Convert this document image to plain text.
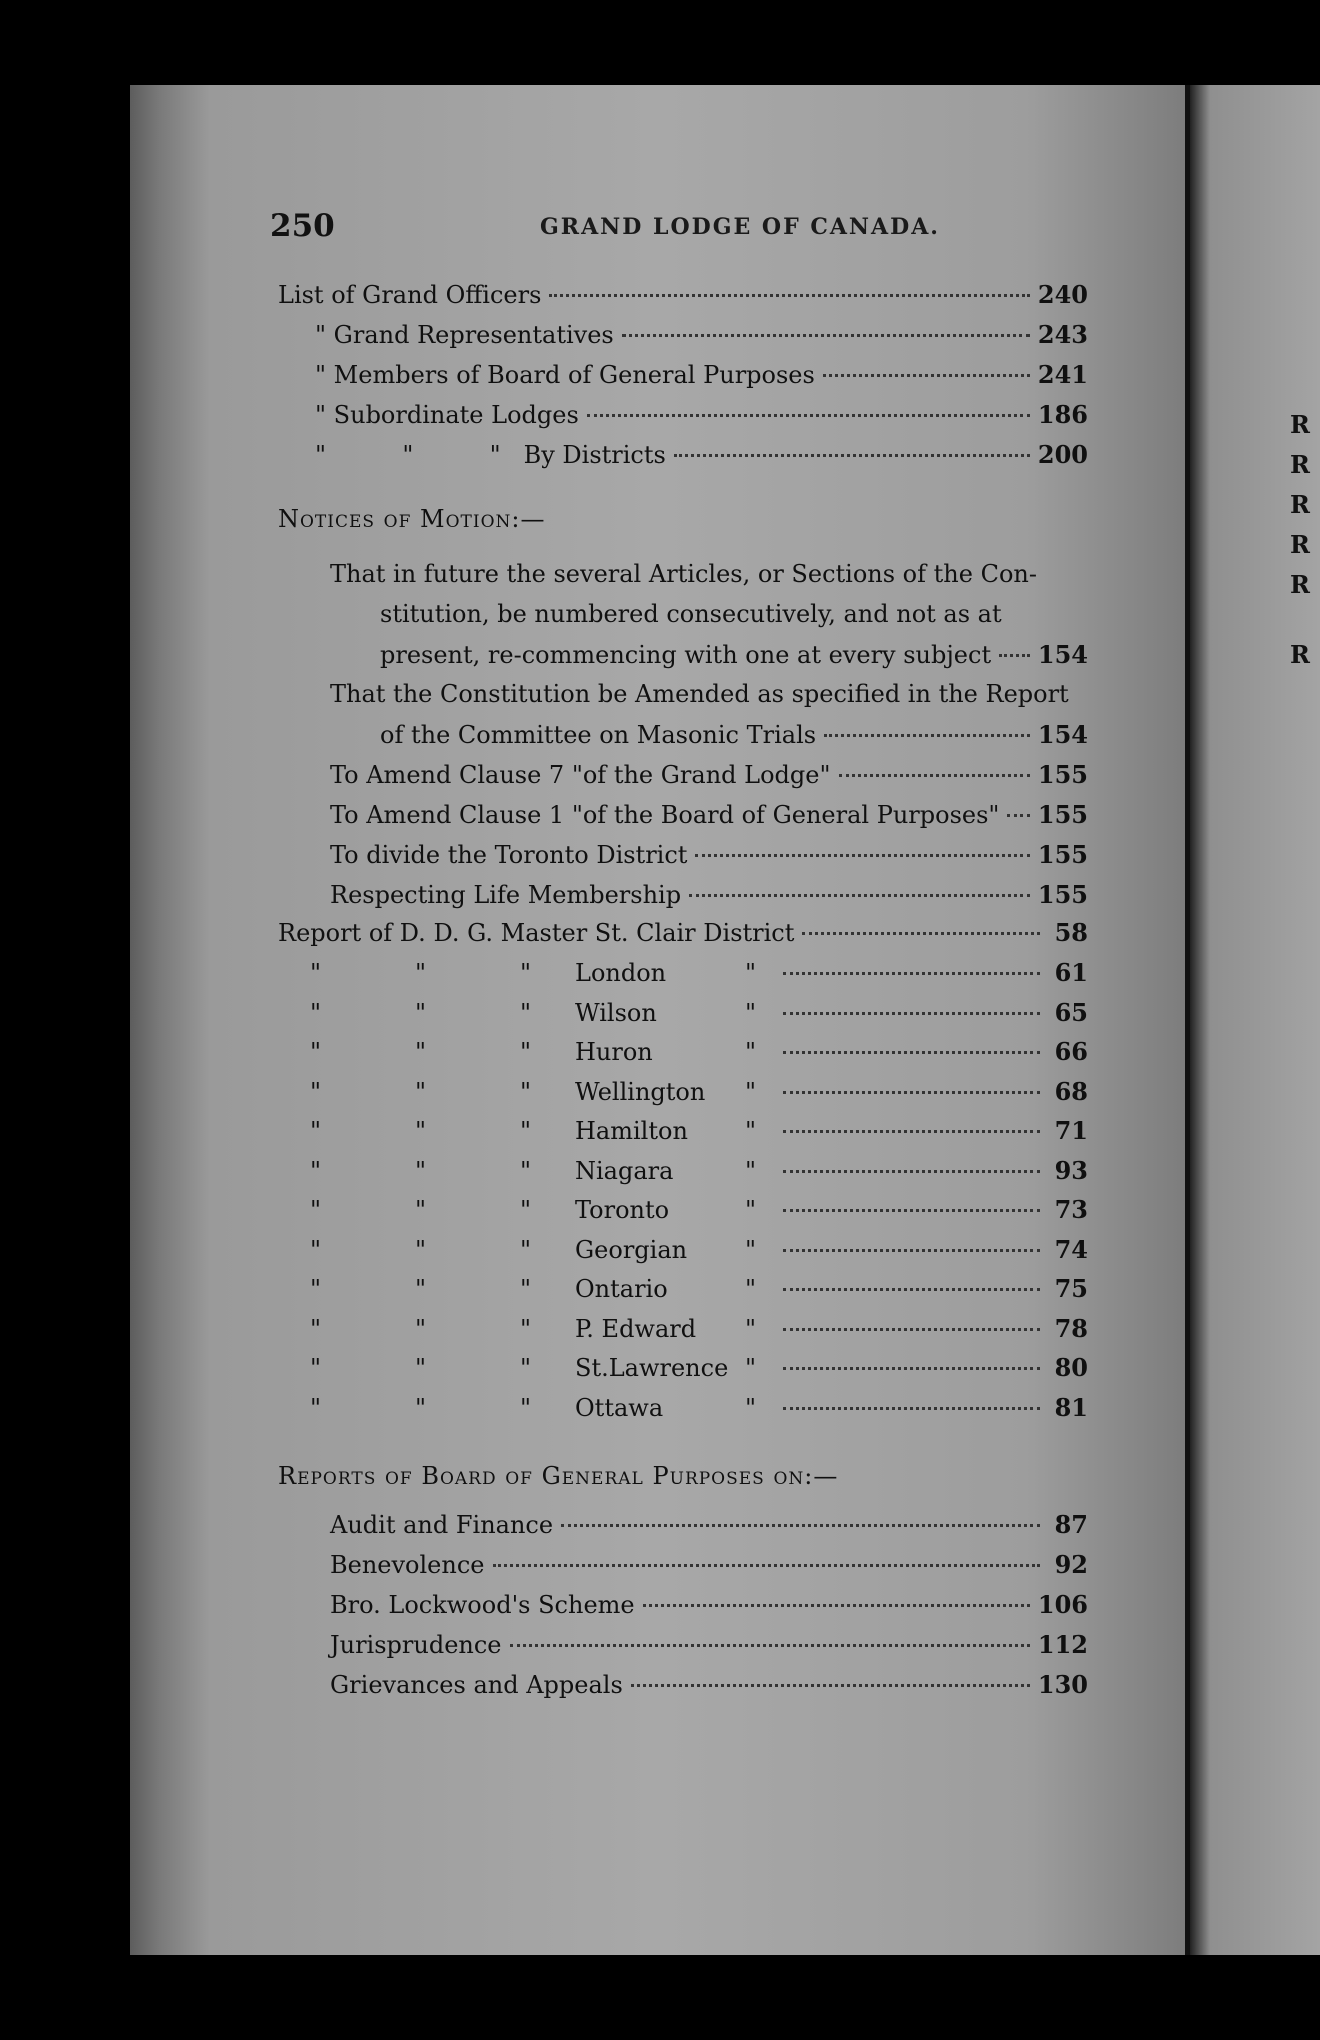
250	GRAND LODGE OF CANADA.
List of Grand Officers	240
" Grand Representatives	243
" Members of Board of General Purposes	241
" Subordinate Lodges	186
"          "          "   By Districts	200
Notices of Motion:—
That in future the several Articles, or Sections of the Con-
stitution, be numbered consecutively, and not as at
present, re-commencing with one at every subject 154
That the Constitution be Amended as specified in the Report
of the Committee on Masonic Trials	154
To Amend Clause 7 "of the Grand Lodge"	155
To Amend Clause 1 "of the Board of General Purposes" 155
To divide the Toronto District	155
Respecting Life Membership	155
Report of D. D. G. Master St. Clair District	58
"	"	"	London	"	61
"	"	"	Wilson	"	65
"	"	"	Huron	"	66
"	"	"	Wellington	"	68
"	"	"	Hamilton	"	71
"	"	"	Niagara	"	93
"	"	"	Toronto	"	73
"	"	"	Georgian	"	74
"	"	"	Ontario	"	75
"	"	"	P. Edward	"	78
"	"	"	St.Lawrence "	80
"	"	"	Ottawa	"	81
Reports of Board of General Purposes on:—
Audit and Finance	87
Benevolence	92
Bro. Lockwood's Scheme	106
Jurisprudence	112
Grievances and Appeals	130
R
R
R
R
R
R
